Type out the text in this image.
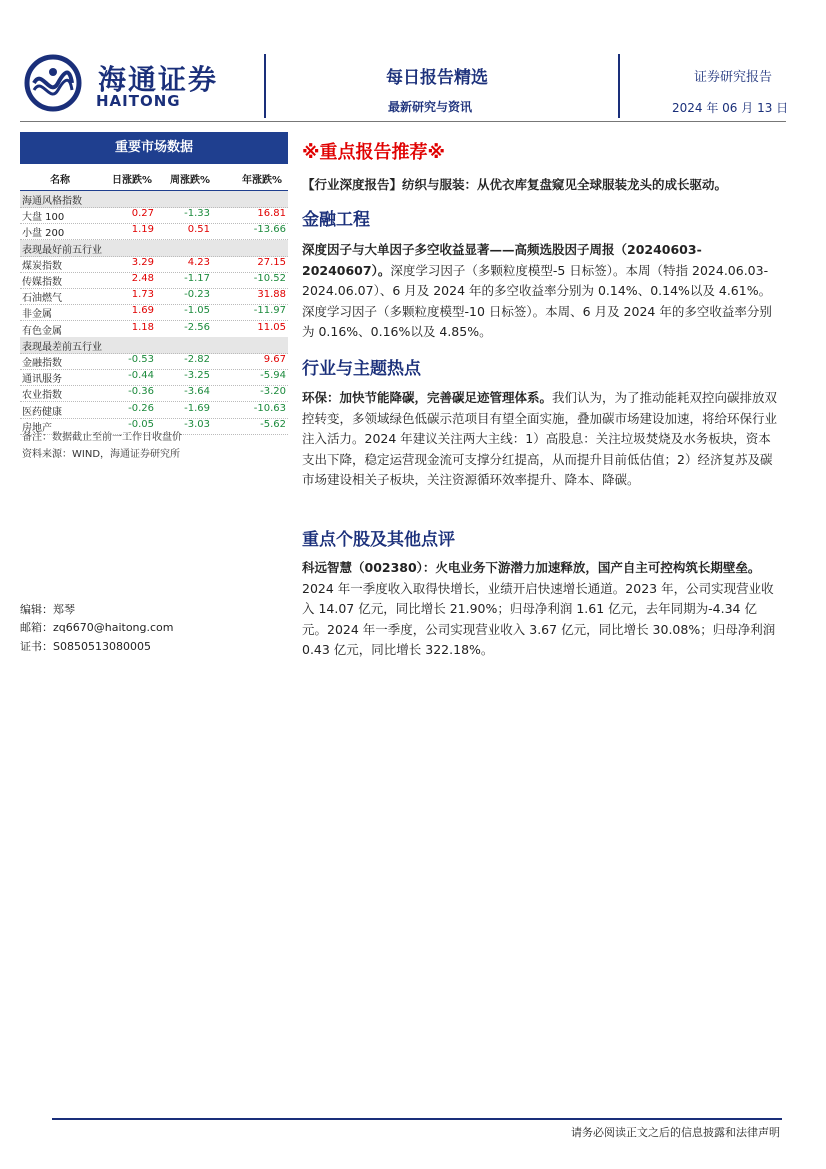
海通证券
HAITONG
每日报告精选
最新研究与资讯
证券研究报告
2024 年 06 月 13 日
重要市场数据
名称	日涨跌% 周涨跌%	年涨跌%
海通风格指数
大盘 100	0.27	-1.33	16.81
小盘 200	1.19	0.51	-13.66
表现最好前五行业
煤炭指数	3.29	4.23	27.15
传媒指数	2.48	-1.17	-10.52
石油燃气	1.73	-0.23	31.88
非金属	1.69	-1.05	-11.97
有色金属	1.18	-2.56	11.05
表现最差前五行业
金融指数	-0.53	-2.82	9.67
通讯服务	-0.44	-3.25	-5.94
农业指数	-0.36	-3.64	-3.20
医药健康	-0.26	-1.69	-10.63
房地产	-0.05	-3.03	-5.62
备注：数据截止至前一工作日收盘价
资料来源：WIND，海通证券研究所
编辑：郑琴
邮箱：zq6670@haitong.com
证书：S0850513080005
※重点报告推荐※
【行业深度报告】纺织与服装：从优衣库复盘窥见全球服装龙头的成长驱动。
金融工程
深度因子与大单因子多空收益显著——高频选股因子周报（20240603-20240607）。深度学习因子（多颗粒度模型-5 日标签）。本周（特指 2024.06.03-2024.06.07）、6 月及 2024 年的多空收益率分别为 0.14%、0.14%以及 4.61%。深度学习因子（多颗粒度模型-10 日标签）。本周、6 月及 2024 年的多空收益率分别为 0.16%、0.16%以及 4.85%。
行业与主题热点
环保：加快节能降碳，完善碳足迹管理体系。我们认为，为了推动能耗双控向碳排放双控转变，多领域绿色低碳示范项目有望全面实施，叠加碳市场建设加速，将给环保行业注入活力。2024 年建议关注两大主线：1）高股息：关注垃圾焚烧及水务板块，资本支出下降，稳定运营现金流可支撑分红提高，从而提升目前低估值；2）经济复苏及碳市场建设相关子板块，关注资源循环效率提升、降本、降碳。
重点个股及其他点评
科远智慧（002380）：火电业务下游潜力加速释放，国产自主可控构筑长期壁垒。2024 年一季度收入取得快增长，业绩开启快速增长通道。2023 年，公司实现营业收入 14.07 亿元，同比增长 21.90%；归母净利润 1.61 亿元，去年同期为-4.34 亿元。2024 年一季度，公司实现营业收入 3.67 亿元，同比增长 30.08%；归母净利润 0.43 亿元，同比增长 322.18%。
请务必阅读正文之后的信息披露和法律声明
